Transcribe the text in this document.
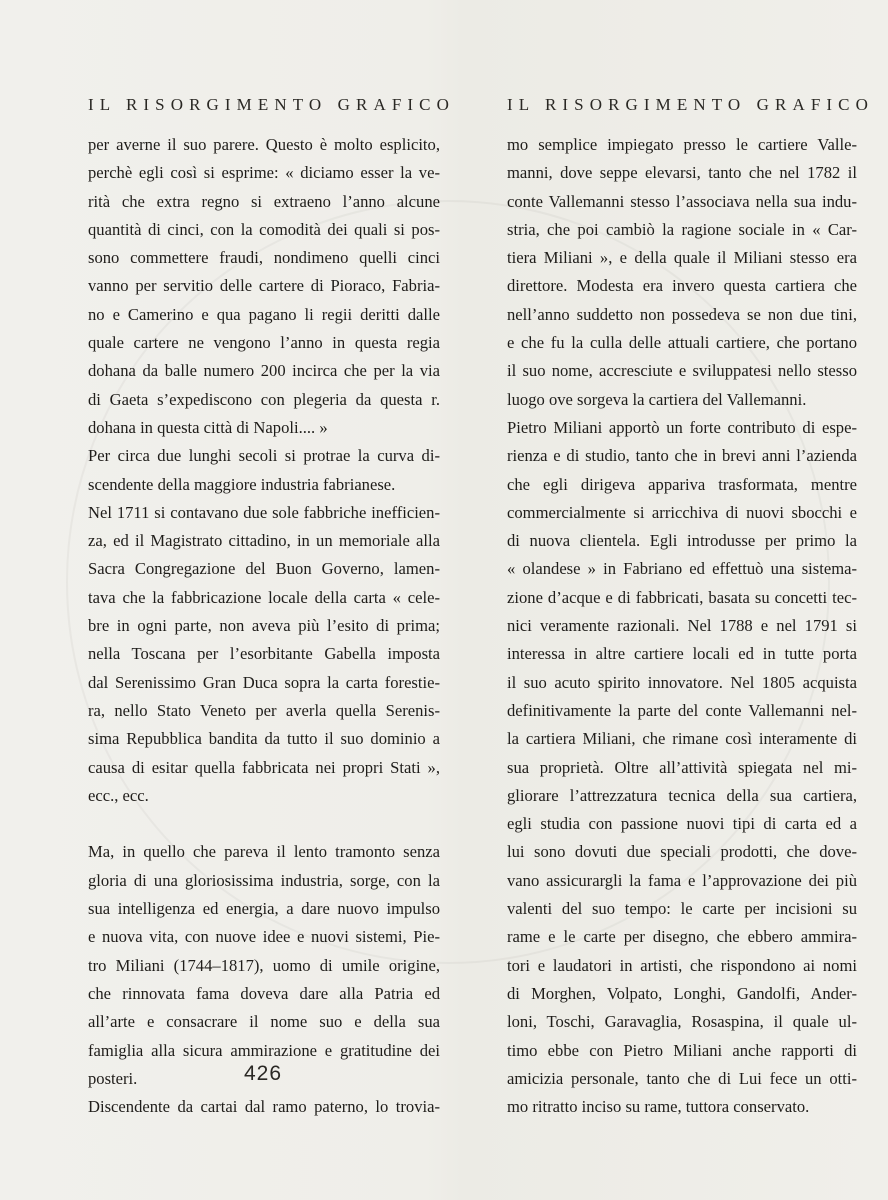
IL RISORGIMENTO GRAFICO
per averne il suo parere. Questo è molto esplicito,
perchè egli così si esprime: « diciamo esser la ve-
rità che extra regno si extraeno l’anno alcune
quantità di cinci, con la comodità dei quali si pos-
sono commettere fraudi, nondimeno quelli cinci
vanno per servitio delle cartere di Pioraco, Fabria-
no e Camerino e qua pagano li regii deritti dalle
quale cartere ne vengono l’anno in questa regia
dohana da balle numero 200 incirca che per la via
di Gaeta s’expediscono con plegeria da questa r.
dohana in questa città di Napoli.... »
Per circa due lunghi secoli si protrae la curva di-
scendente della maggiore industria fabrianese.
Nel 1711 si contavano due sole fabbriche inefficien-
za, ed il Magistrato cittadino, in un memoriale alla
Sacra Congregazione del Buon Governo, lamen-
tava che la fabbricazione locale della carta « cele-
bre in ogni parte, non aveva più l’esito di prima;
nella Toscana per l’esorbitante Gabella imposta
dal Serenissimo Gran Duca sopra la carta forestie-
ra, nello Stato Veneto per averla quella Serenis-
sima Repubblica bandita da tutto il suo dominio a
causa di esitar quella fabbricata nei propri Stati »,
ecc., ecc.
Ma, in quello che pareva il lento tramonto senza
gloria di una gloriosissima industria, sorge, con la
sua intelligenza ed energia, a dare nuovo impulso
e nuova vita, con nuove idee e nuovi sistemi, Pie-
tro Miliani (1744–1817), uomo di umile origine,
che rinnovata fama doveva dare alla Patria ed
all’arte e consacrare il nome suo e della sua
famiglia alla sicura ammirazione e gratitudine dei
posteri.
Discendente da cartai dal ramo paterno, lo trovia-
IL RISORGIMENTO GRAFICO
mo semplice impiegato presso le cartiere Valle-
manni, dove seppe elevarsi, tanto che nel 1782 il
conte Vallemanni stesso l’associava nella sua indu-
stria, che poi cambiò la ragione sociale in « Car-
tiera Miliani », e della quale il Miliani stesso era
direttore. Modesta era invero questa cartiera che
nell’anno suddetto non possedeva se non due tini,
e che fu la culla delle attuali cartiere, che portano
il suo nome, accresciute e sviluppatesi nello stesso
luogo ove sorgeva la cartiera del Vallemanni.
Pietro Miliani apportò un forte contributo di espe-
rienza e di studio, tanto che in brevi anni l’azienda
che egli dirigeva appariva trasformata, mentre
commercialmente si arricchiva di nuovi sbocchi e
di nuova clientela. Egli introdusse per primo la
« olandese » in Fabriano ed effettuò una sistema-
zione d’acque e di fabbricati, basata su concetti tec-
nici veramente razionali. Nel 1788 e nel 1791 si
interessa in altre cartiere locali ed in tutte porta
il suo acuto spirito innovatore. Nel 1805 acquista
definitivamente la parte del conte Vallemanni nel-
la cartiera Miliani, che rimane così interamente di
sua proprietà. Oltre all’attività spiegata nel mi-
gliorare l’attrezzatura tecnica della sua cartiera,
egli studia con passione nuovi tipi di carta ed a
lui sono dovuti due speciali prodotti, che dove-
vano assicurargli la fama e l’approvazione dei più
valenti del suo tempo: le carte per incisioni su
rame e le carte per disegno, che ebbero ammira-
tori e laudatori in artisti, che rispondono ai nomi
di Morghen, Volpato, Longhi, Gandolfi, Ander-
loni, Toschi, Garavaglia, Rosaspina, il quale ul-
timo ebbe con Pietro Miliani anche rapporti di
amicizia personale, tanto che di Lui fece un otti-
mo ritratto inciso su rame, tuttora conservato.
426
